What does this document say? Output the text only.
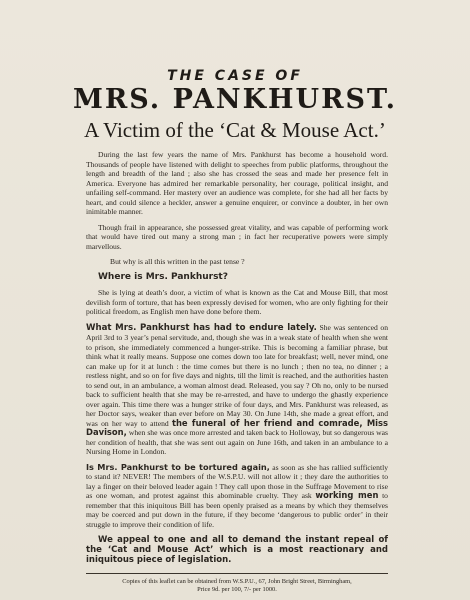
THE CASE OF
MRS. PANKHURST.
A Victim of the ‘Cat & Mouse Act.’

During the last few years the name of Mrs. Pankhurst has become a household word. Thousands of people have listened with delight to speeches from public platforms, throughout the length and breadth of the land ; also she has crossed the seas and made her presence felt in America. Everyone has admired her remarkable personality, her courage, political insight, and unfailing self-command. Her mastery over an audience was complete, for she had all her facts by heart, and could silence a heckler, answer a genuine enquirer, or convince a doubter, in her own inimitable manner.

Though frail in appearance, she possessed great vitality, and was capable of performing work that would have tired out many a strong man ; in fact her recuperative powers were simply marvellous.

But why is all this written in the past tense ?

Where is Mrs. Pankhurst?

She is lying at death’s door, a victim of what is known as the Cat and Mouse Bill, that most devilish form of torture, that has been expressly devised for women, who are only fighting for their political freedom, as English men have done before them.

What Mrs. Pankhurst has had to endure lately. She was sentenced on April 3rd to 3 year’s penal servitude, and, though she was in a weak state of health when she went to prison, she immediately commenced a hunger-strike. This is becoming a familiar phrase, but think what it really means. Suppose one comes down too late for breakfast; well, never mind, one can make up for it at lunch : the time comes but there is no lunch ; then no tea, no dinner ; a restless night, and so on for five days and nights, till the limit is reached, and the authorities hasten to send out, in an ambulance, a woman almost dead. Released, you say ? Oh no, only to be nursed back to sufficient health that she may be re-arrested, and have to undergo the ghastly experience over again. This time there was a hunger strike of four days, and Mrs. Pankhurst was released, as her Doctor says, weaker than ever before on May 30. On June 14th, she made a great effort, and was on her way to attend the funeral of her friend and comrade, Miss Davison, when she was once more arrested and taken back to Holloway, but so dangerous was her condition of health, that she was sent out again on June 16th, and taken in an ambulance to a Nursing Home in London.

Is Mrs. Pankhurst to be tortured again, as soon as she has rallied sufficiently to stand it? NEVER! The members of the W.S.P.U. will not allow it ; they dare the authorities to lay a finger on their beloved leader again ! They call upon those in the Suffrage Movement to rise as one woman, and protest against this abominable cruelty. They ask working men to remember that this iniquitous Bill has been openly praised as a means by which they themselves may be coerced and put down in the future, if they become ‘dangerous to public order’ in their struggle to improve their condition of life.

We appeal to one and all to demand the instant repeal of the ‘Cat and Mouse Act’ which is a most reactionary and iniquitous piece of legislation.

Copies of this leaflet can be obtained from W.S.P.U., 67, John Bright Street, Birmingham,
Price 9d. per 100, 7/- per 1000.
